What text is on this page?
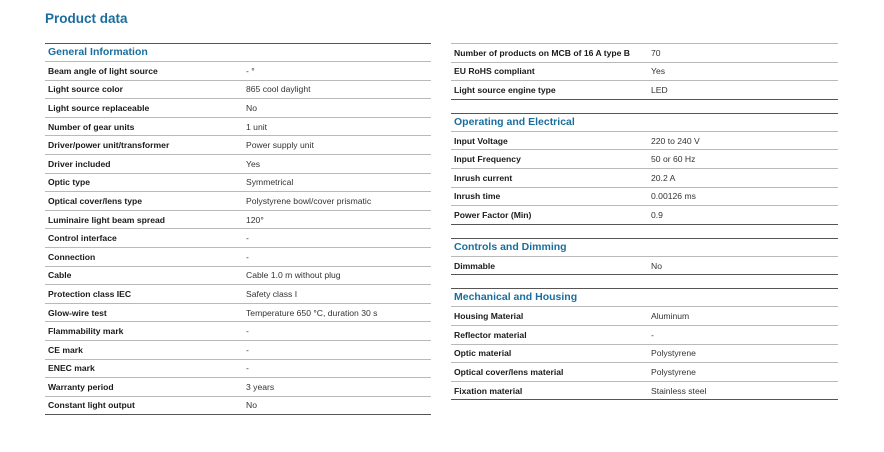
Product data
General Information
Beam angle of light source	- °
Light source color	865 cool daylight
Light source replaceable	No
Number of gear units	1 unit
Driver/power unit/transformer	Power supply unit
Driver included	Yes
Optic type	Symmetrical
Optical cover/lens type	Polystyrene bowl/cover prismatic
Luminaire light beam spread	120°
Control interface	-
Connection	-
Cable	Cable 1.0 m without plug
Protection class IEC	Safety class I
Glow-wire test	Temperature 650 °C, duration 30 s
Flammability mark	-
CE mark	-
ENEC mark	-
Warranty period	3 years
Constant light output	No
Number of products on MCB of 16 A type B	70
EU RoHS compliant	Yes
Light source engine type	LED
Operating and Electrical
Input Voltage	220 to 240 V
Input Frequency	50 or 60 Hz
Inrush current	20.2 A
Inrush time	0.00126 ms
Power Factor (Min)	0.9
Controls and Dimming
Dimmable	No
Mechanical and Housing
Housing Material	Aluminum
Reflector material	-
Optic material	Polystyrene
Optical cover/lens material	Polystyrene
Fixation material	Stainless steel
